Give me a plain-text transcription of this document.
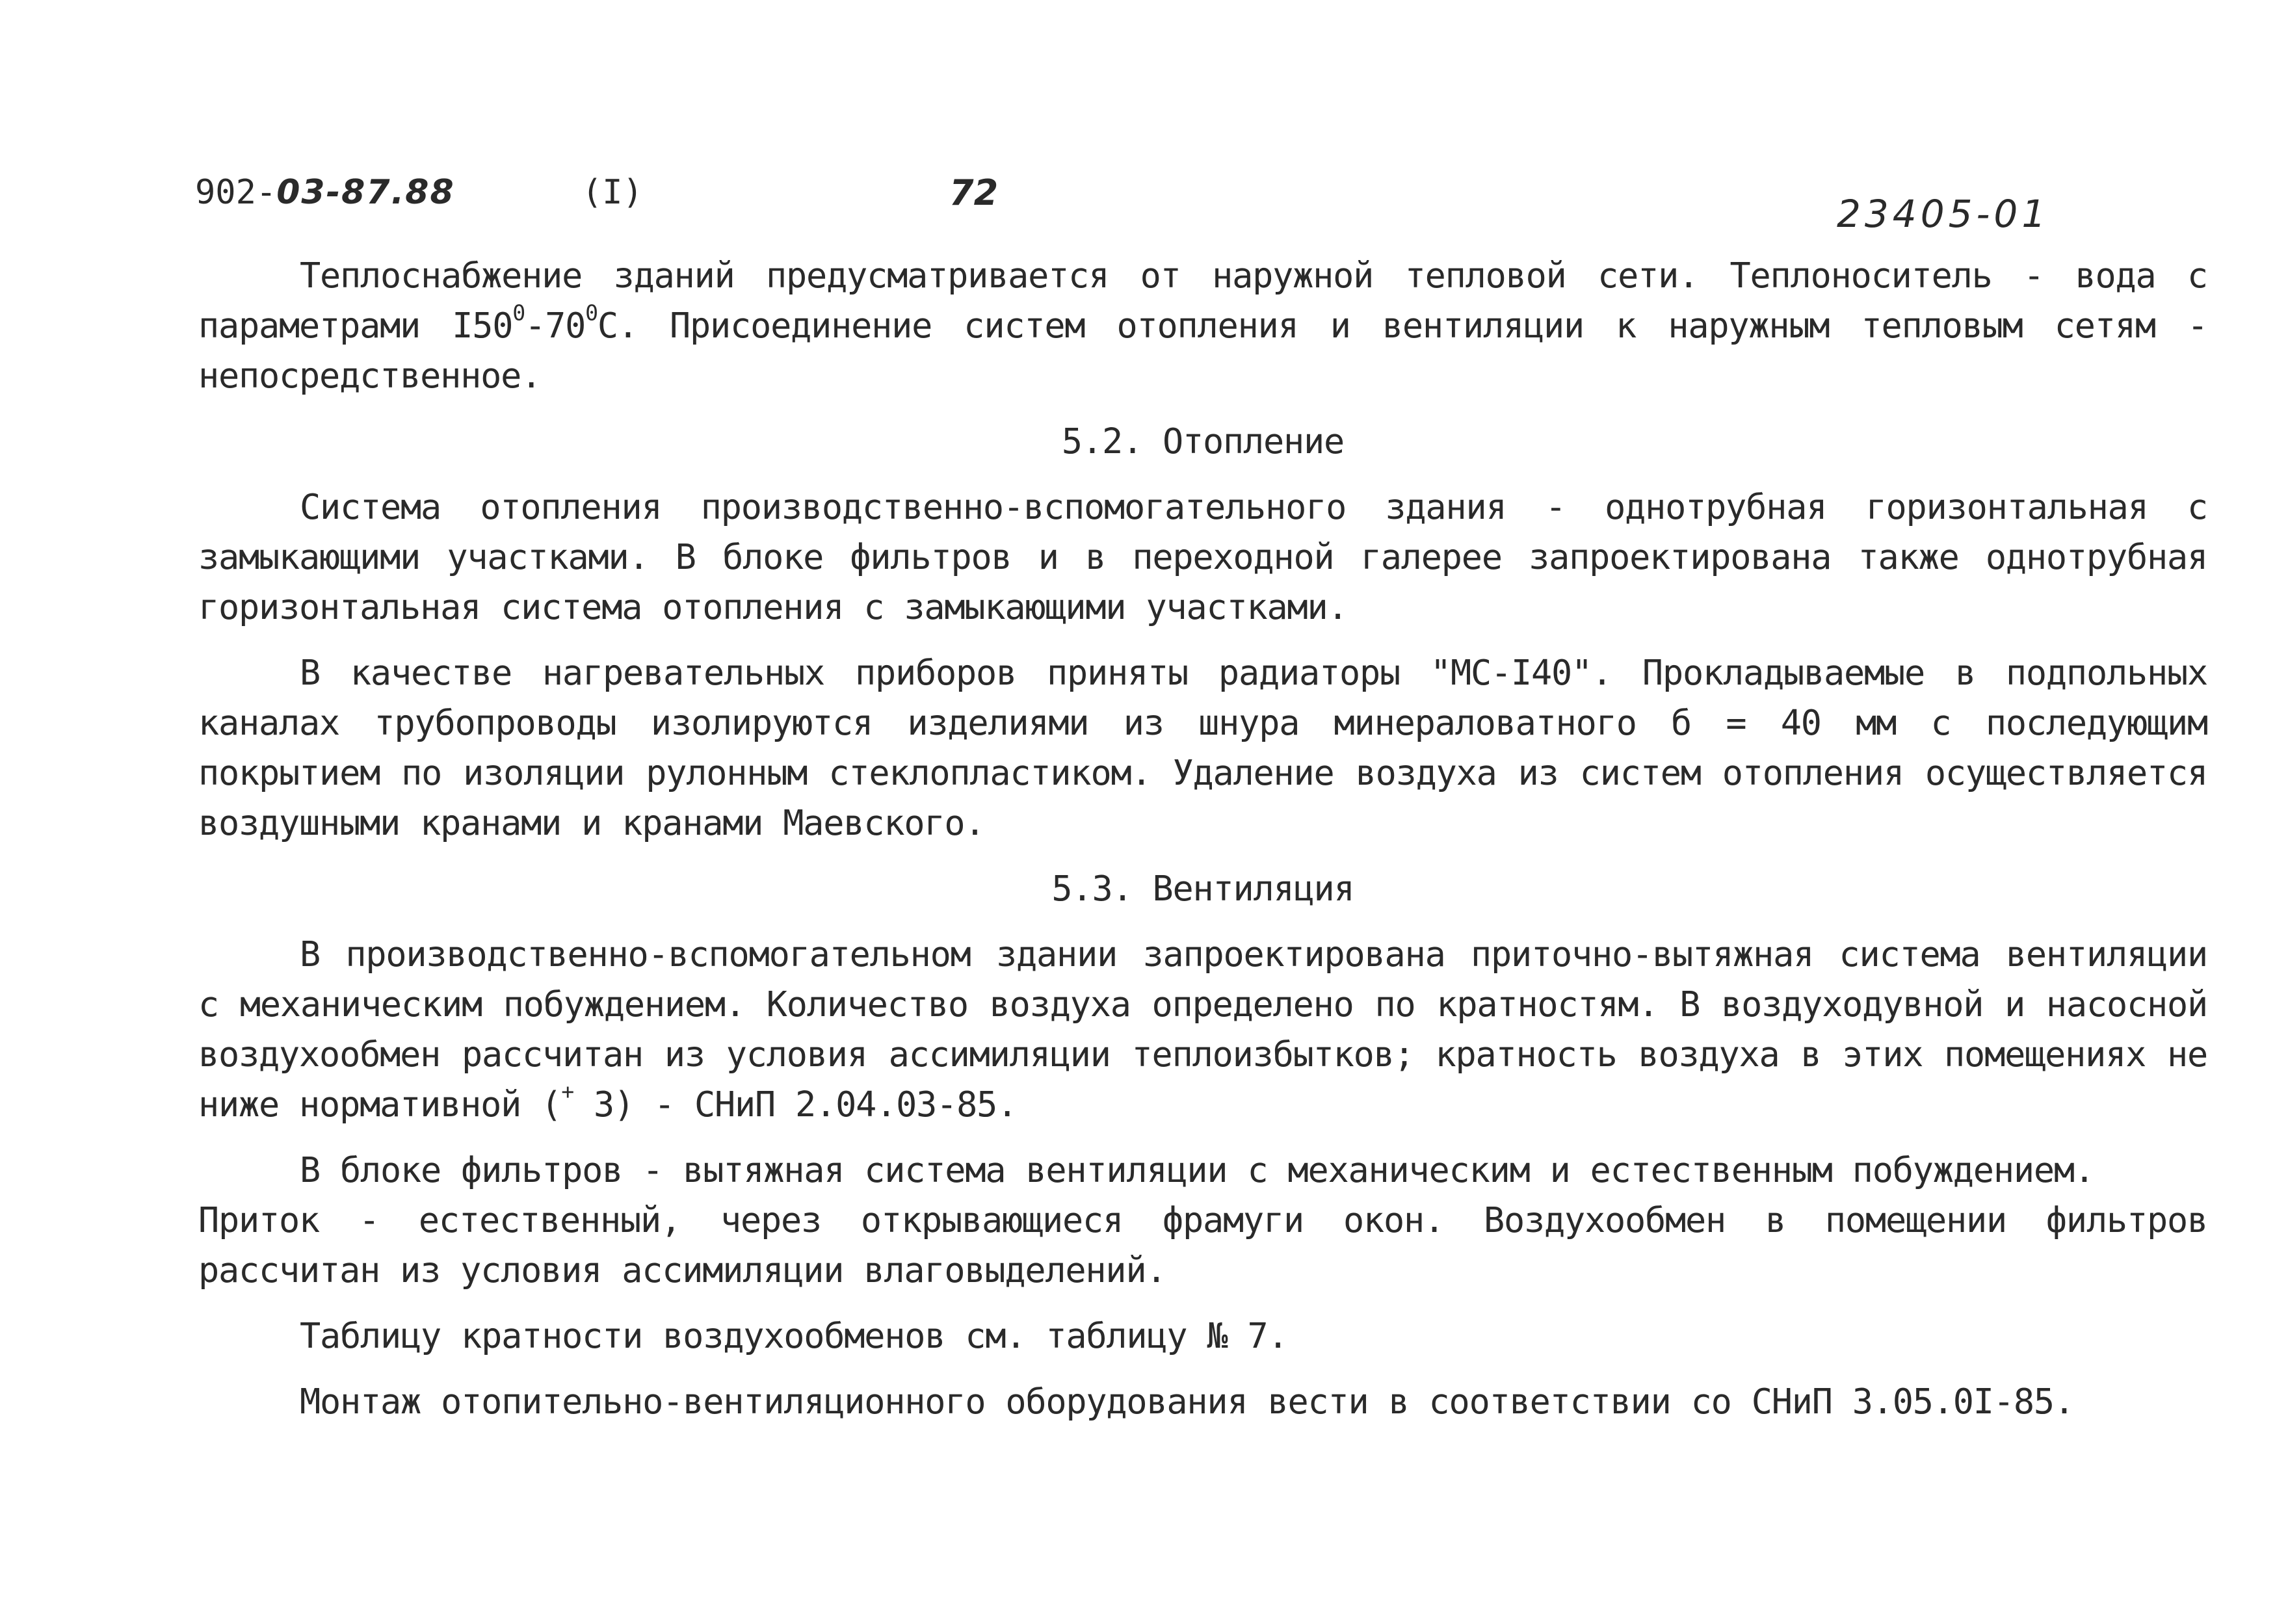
902-03-87.88	(I)	72	23405-01

Теплоснабжение зданий предусматривается от наружной тепловой сети. Теплоноситель - вода с параметрами $I50^0-70^0С$. Присоединение систем отопления и вентиляции к наружным тепловым сетям - непосредственное.

5.2. Отопление

Система отопления производственно-вспомогательного здания - однотрубная горизонтальная с замыкающими участками. В блоке фильтров и в переходной галерее запроектирована также однотрубная горизонтальная система отопления с замыкающими участками.

В качестве нагревательных приборов приняты радиаторы "МС-I40". Прокладываемые в подпольных каналах трубопроводы изолируются изделиями из шнура минераловатного б = 40 мм с последующим покрытием по изоляции рулонным стеклопластиком. Удаление воздуха из систем отопления осуществляется воздушными кранами и кранами Маевского.

5.3. Вентиляция

В производственно-вспомогательном здании запроектирована приточно-вытяжная система вентиляции с механическим побуждением. Количество воздуха определено по кратностям. В воздуходувной и насосной воздухообмен рассчитан из условия ассимиляции теплоизбытков; кратность воздуха в этих помещениях не ниже нормативной (+ 3) - СНиП 2.04.03-85.

В блоке фильтров - вытяжная система вентиляции с механическим и естественным побуждением.

Приток - естественный, через открывающиеся фрамуги окон. Воздухообмен в помещении фильтров рассчитан из условия ассимиляции влаговыделений.

Таблицу кратности воздухообменов см. таблицу № 7.

Монтаж отопительно-вентиляционного оборудования вести в соответствии со СНиП 3.05.0I-85.
